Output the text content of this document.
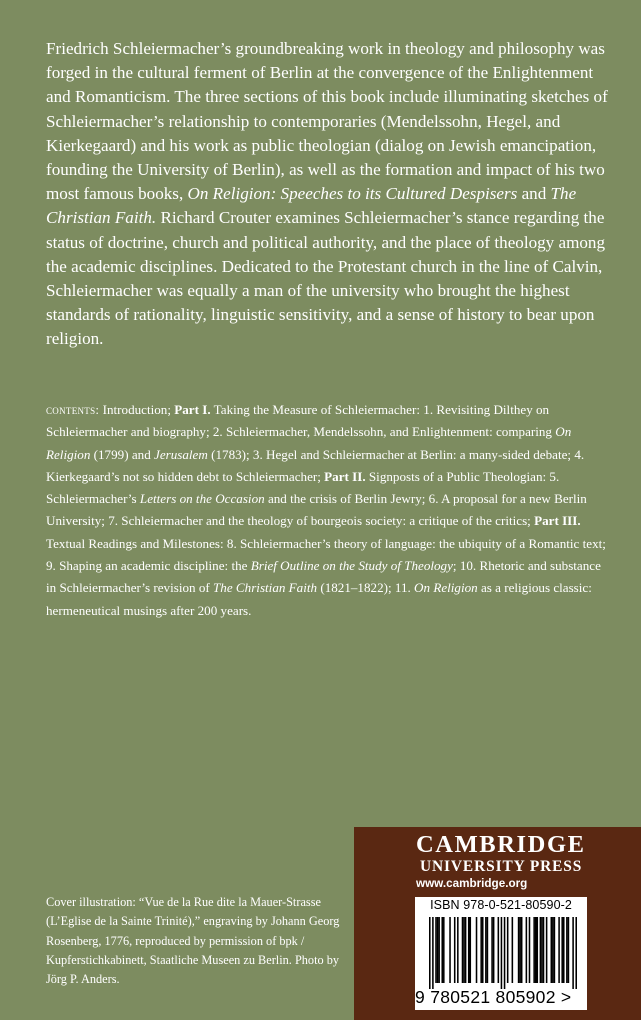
Friedrich Schleiermacher’s groundbreaking work in theology and philosophy was forged in the cultural ferment of Berlin at the convergence of the Enlightenment and Romanticism. The three sections of this book include illuminating sketches of Schleiermacher’s relationship to contemporaries (Mendelssohn, Hegel, and Kierkegaard) and his work as public theologian (dialog on Jewish emancipation, founding the University of Berlin), as well as the formation and impact of his two most famous books, On Religion: Speeches to its Cultured Despisers and The Christian Faith. Richard Crouter examines Schleiermacher’s stance regarding the status of doctrine, church and political authority, and the place of theology among the academic disciplines. Dedicated to the Protestant church in the line of Calvin, Schleiermacher was equally a man of the university who brought the highest standards of rationality, linguistic sensitivity, and a sense of history to bear upon religion.

contents: Introduction; Part I. Taking the Measure of Schleiermacher: 1. Revisiting Dilthey on Schleiermacher and biography; 2. Schleiermacher, Mendelssohn, and Enlightenment: comparing On Religion (1799) and Jerusalem (1783); 3. Hegel and Schleiermacher at Berlin: a many-sided debate; 4. Kierkegaard’s not so hidden debt to Schleiermacher; Part II. Signposts of a Public Theologian: 5. Schleiermacher’s Letters on the Occasion and the crisis of Berlin Jewry; 6. A proposal for a new Berlin University; 7. Schleiermacher and the theology of bourgeois society: a critique of the critics; Part III. Textual Readings and Milestones: 8. Schleiermacher’s theory of language: the ubiquity of a Romantic text; 9. Shaping an academic discipline: the Brief Outline on the Study of Theology; 10. Rhetoric and substance in Schleiermacher’s revision of The Christian Faith (1821–1822); 11. On Religion as a religious classic: hermeneutical musings after 200 years.

Cover illustration: “Vue de la Rue dite la Mauer-Strasse (L’Eglise de la Sainte Trinité),” engraving by Johann Georg Rosenberg, 1776, reproduced by permission of bpk / Kupferstichkabinett, Staatliche Museen zu Berlin. Photo by Jörg P. Anders.

CAMBRIDGE
UNIVERSITY PRESS
www.cambridge.org
ISBN 978-0-521-80590-2
9 780521 805902 >
